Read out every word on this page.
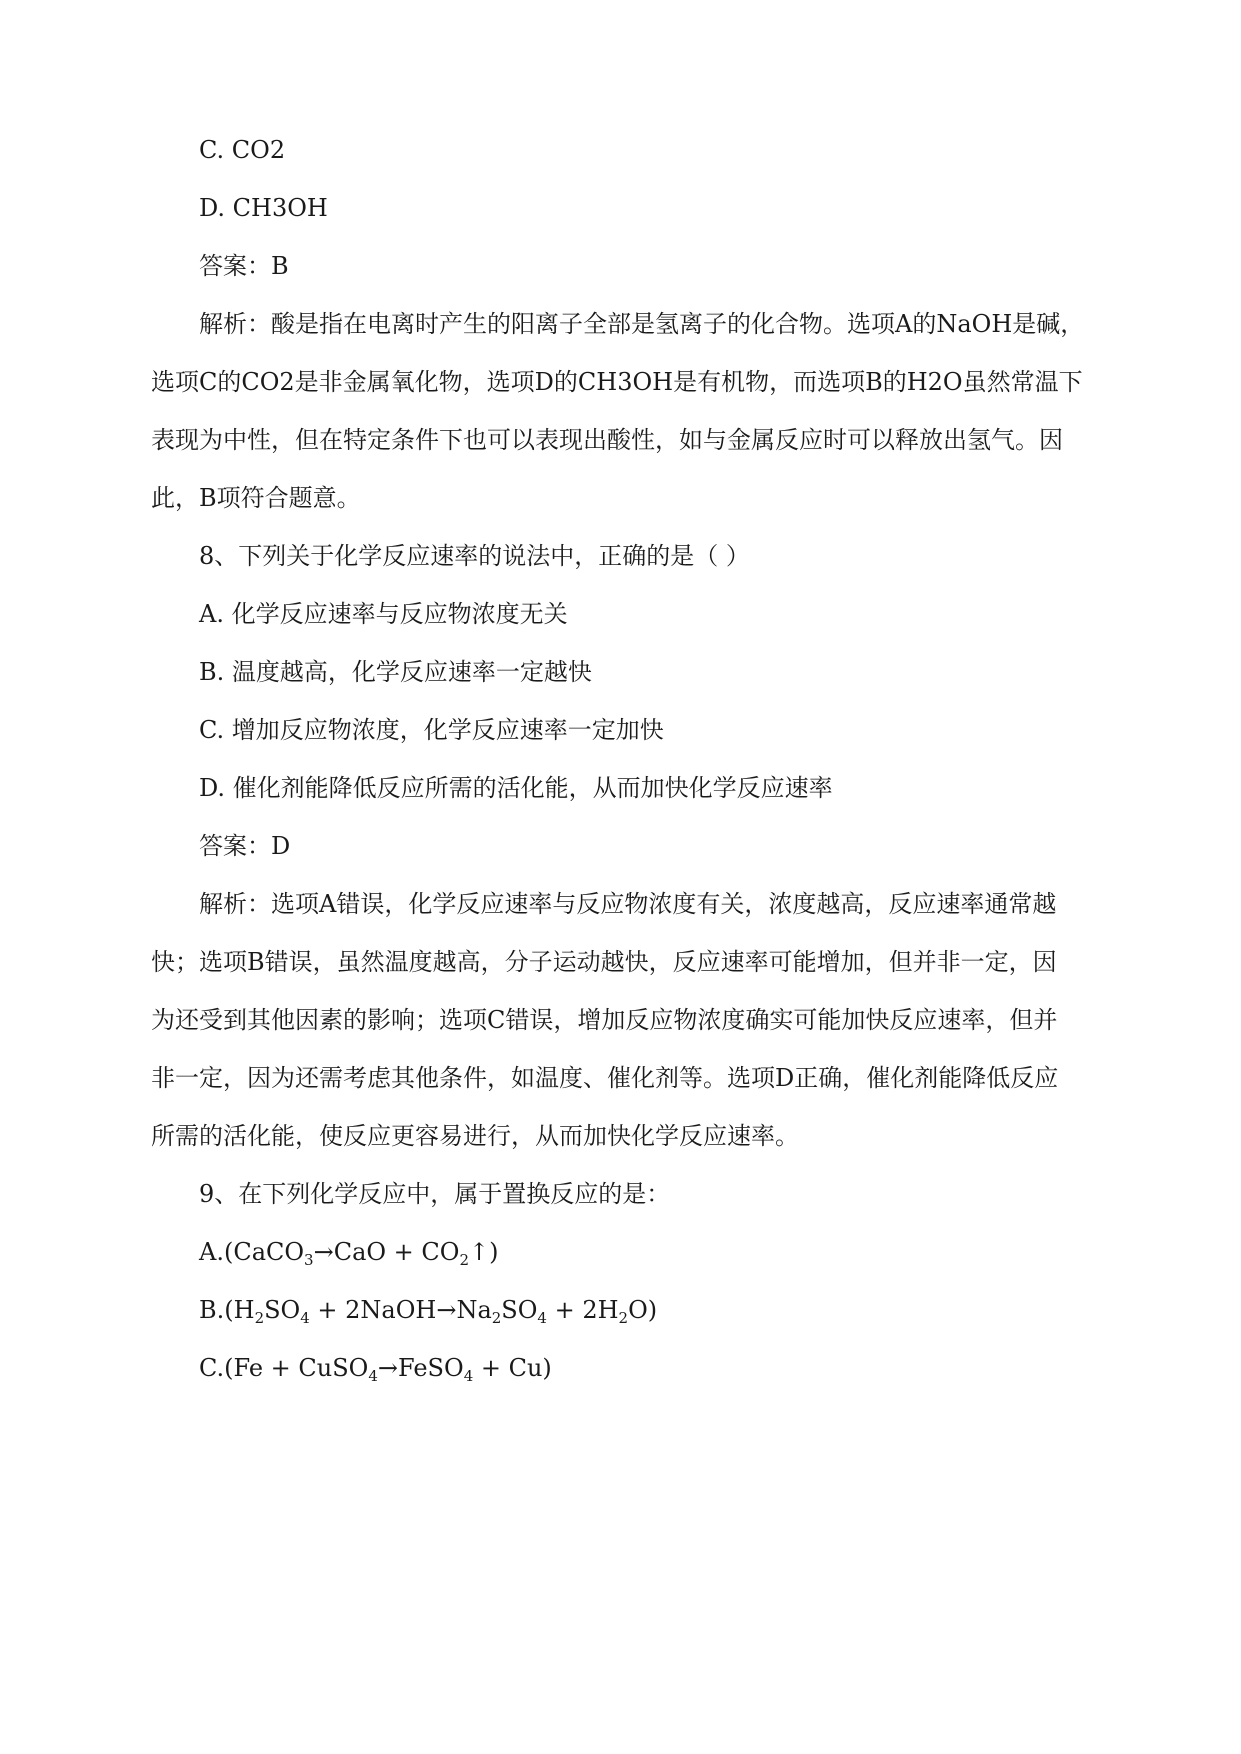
C. CO2
D. CH3OH
答案：B
解析：酸是指在电离时产生的阳离子全部是氢离子的化合物。选项A的NaOH是碱，
选项C的CO2是非金属氧化物，选项D的CH3OH是有机物，而选项B的H2O虽然常温下
表现为中性，但在特定条件下也可以表现出酸性，如与金属反应时可以释放出氢气。因
此，B项符合题意。
8、下列关于化学反应速率的说法中，正确的是（ ）
A. 化学反应速率与反应物浓度无关
B. 温度越高，化学反应速率一定越快
C. 增加反应物浓度，化学反应速率一定加快
D. 催化剂能降低反应所需的活化能，从而加快化学反应速率
答案：D
解析：选项A错误，化学反应速率与反应物浓度有关，浓度越高，反应速率通常越
快；选项B错误，虽然温度越高，分子运动越快，反应速率可能增加，但并非一定，因
为还受到其他因素的影响；选项C错误，增加反应物浓度确实可能加快反应速率，但并
非一定，因为还需考虑其他条件，如温度、催化剂等。选项D正确，催化剂能降低反应
所需的活化能，使反应更容易进行，从而加快化学反应速率。
9、在下列化学反应中，属于置换反应的是：
A.(CaCO$_3$→CaO + $CO_2↑$)
$B.(H_2SO_4$ + $2NaOH\to Na_2SO_4 + 2H_2O$)
C.(Fe + CuSO$_4$→FeSO$_4$ + Cu)
